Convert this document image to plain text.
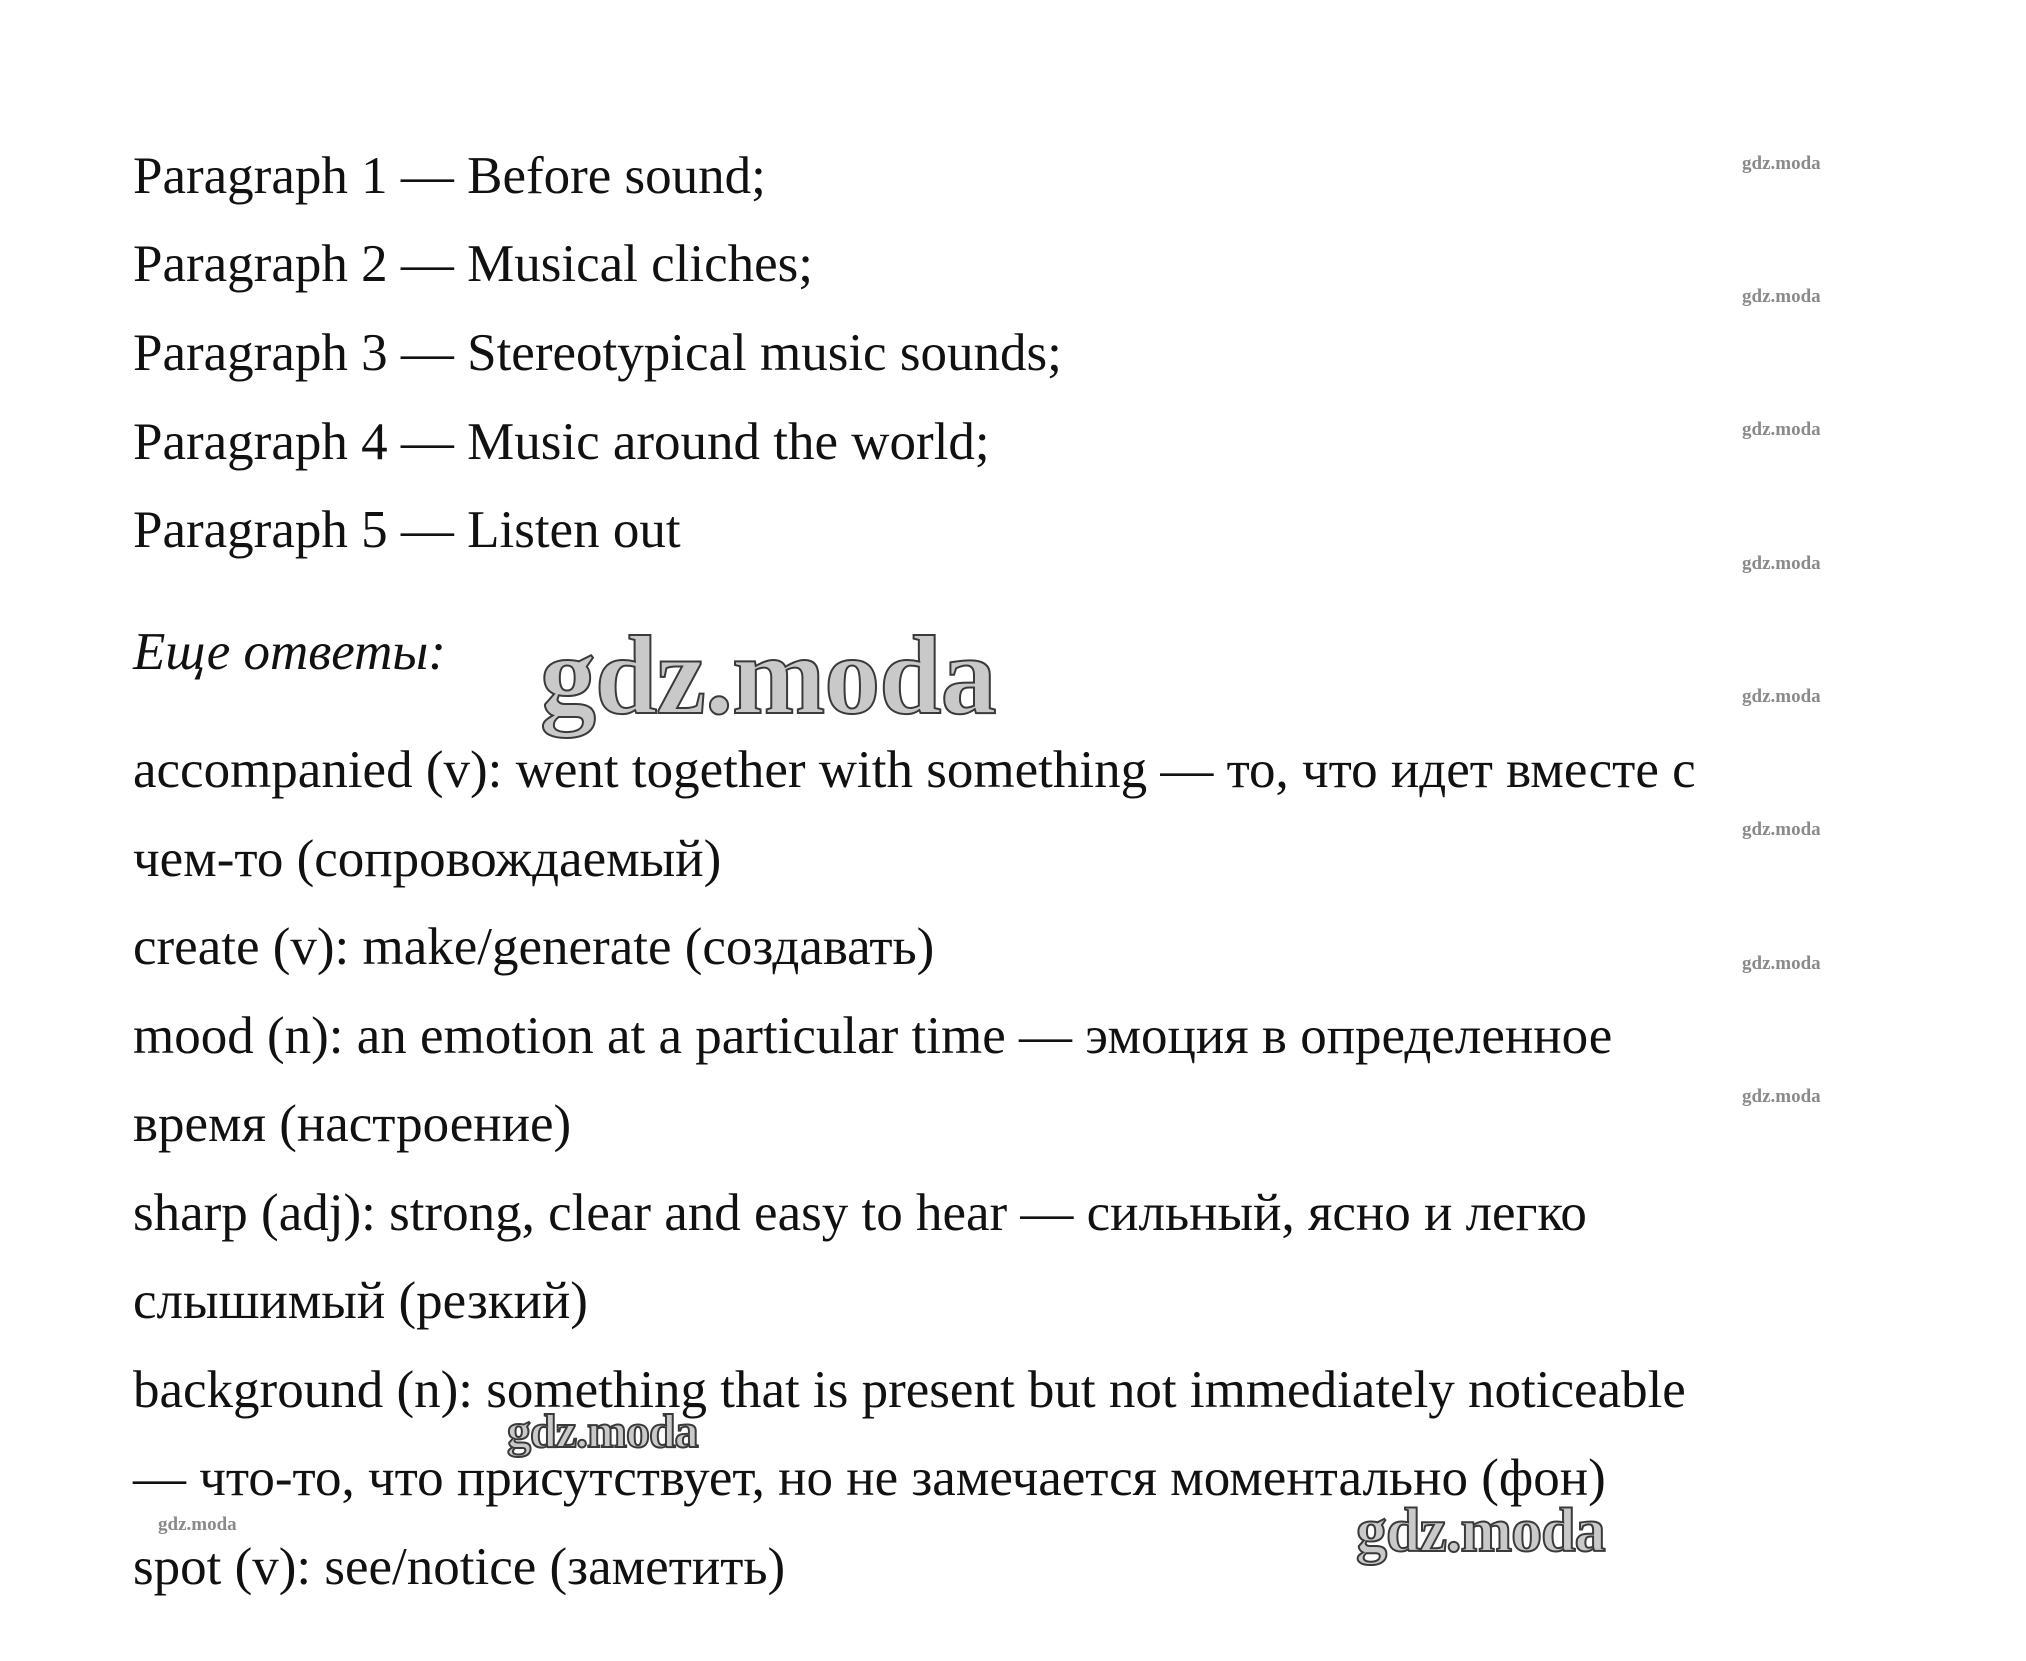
Paragraph 1 — Before sound;
Paragraph 2 — Musical cliches;
Paragraph 3 — Stereotypical music sounds;
Paragraph 4 — Music around the world;
Paragraph 5 — Listen out
Еще ответы:
accompanied (v): went together with something — то, что идет вместе с
чем-то (сопровождаемый)
create (v): make/generate (создавать)
mood (n): an emotion at a particular time — эмоция в определенное
время (настроение)
sharp (adj): strong, clear and easy to hear — сильный, ясно и легко
слышимый (резкий)
background (n): something that is present but not immediately noticeable
— что-то, что присутствует, но не замечается моментально (фон)
spot (v): see/notice (заметить)
gdz.moda
gdz.moda
gdz.moda
gdz.moda
gdz.moda
gdz.moda
gdz.moda
gdz.moda
gdz.moda
gdz.moda
gdz.moda
gdz.moda
